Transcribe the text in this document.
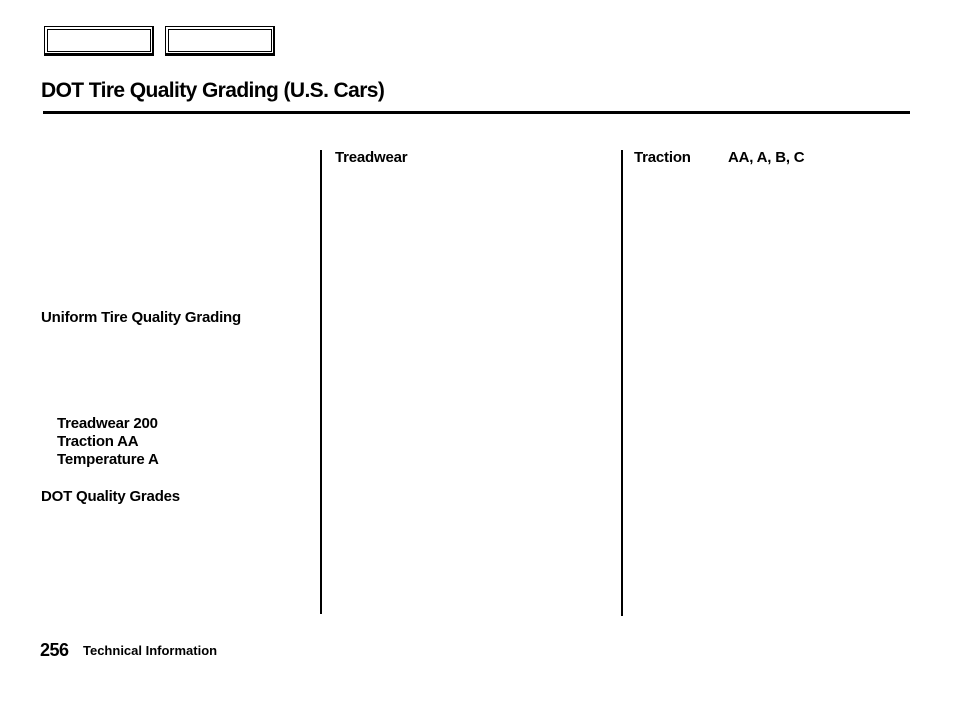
DOT Tire Quality Grading (U.S. Cars)
Treadwear	Traction AA, A, B, C
Uniform Tire Quality Grading
Treadwear 200
Traction AA
Temperature A
DOT Quality Grades
256 Technical Information
